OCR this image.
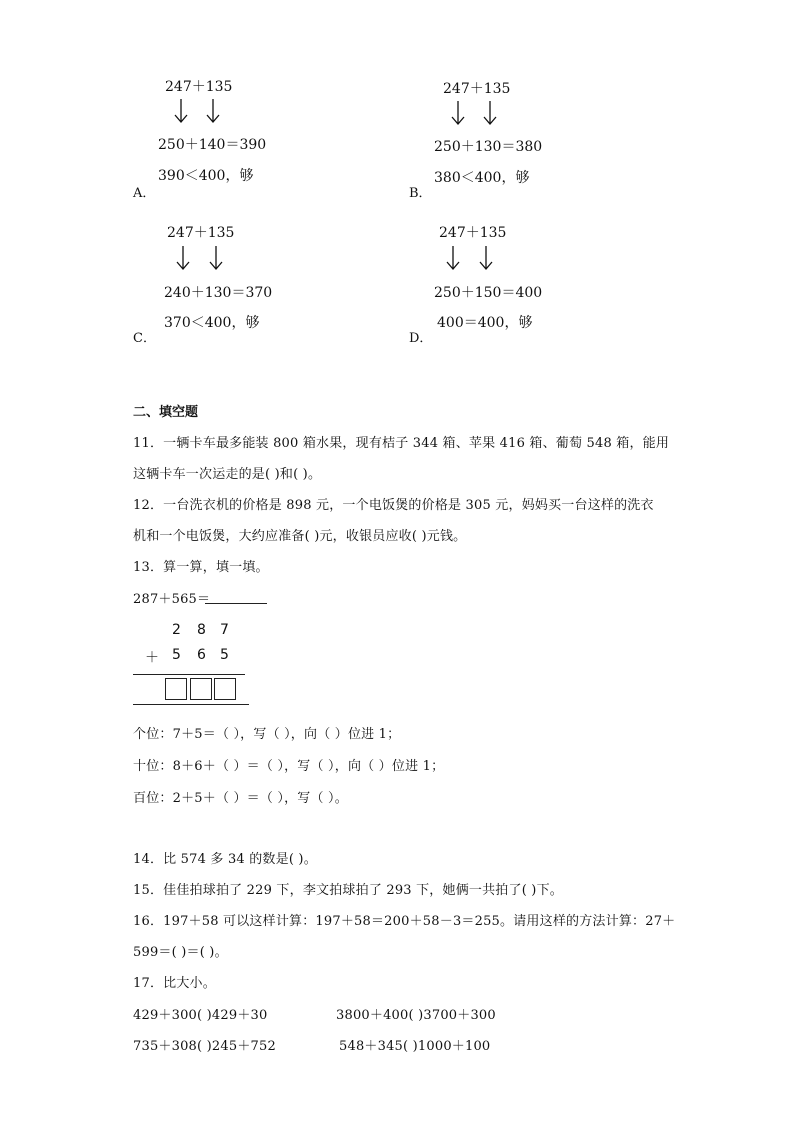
247＋135
250＋140＝390
390＜400，够
A．
247＋135
250＋130＝380
380＜400，够
B．
247＋135
240＋130＝370
370＜400，够
C．
247＋135
250＋150＝400
400＝400，够
D．
二、填空题
11．一辆卡车最多能装 800 箱水果，现有桔子 344 箱、苹果 416 箱、葡萄 548 箱，能用
这辆卡车一次运走的是( )和( )。
12．一台洗衣机的价格是 898 元，一个电饭煲的价格是 305 元，妈妈买一台这样的洗衣
机和一个电饭煲，大约应准备( )元，收银员应收( )元钱。
13．算一算，填一填。
287＋565＝
2 8 7
＋ 5 6 5
个位：7＋5＝（ ），写（ ），向（ ）位进 1；
十位：8＋6＋（ ）＝（ ），写（ ），向（ ）位进 1；
百位：2＋5＋（ ）＝（ ），写（ ）。
14．比 574 多 34 的数是( )。
15．佳佳拍球拍了 229 下，李文拍球拍了 293 下，她俩一共拍了( )下。
16．197＋58 可以这样计算：197＋58＝200＋58－3＝255。请用这样的方法计算：27＋
599＝( )＝( )。
17．比大小。
429＋300( )429＋30	3800＋400( )3700＋300
735＋308( )245＋752	548＋345( )1000＋100
